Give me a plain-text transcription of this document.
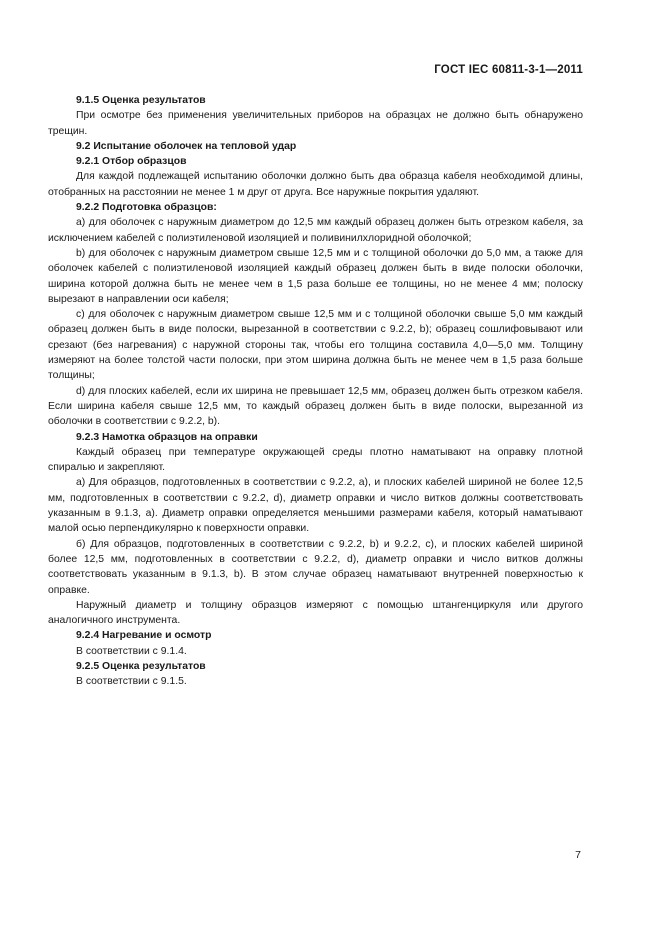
ГОСТ IEC 60811-3-1—2011

9.1.5 Оценка результатов

При осмотре без применения увеличительных приборов на образцах не должно быть обнаружено трещин.

9.2 Испытание оболочек на тепловой удар

9.2.1 Отбор образцов

Для каждой подлежащей испытанию оболочки должно быть два образца кабеля необходимой длины, отобранных на расстоянии не менее 1 м друг от друга. Все наружные покрытия удаляют.

9.2.2 Подготовка образцов:

a) для оболочек с наружным диаметром до 12,5 мм каждый образец должен быть отрезком кабеля, за исключением кабелей с полиэтиленовой изоляцией и поливинилхлоридной оболочкой;

b) для оболочек с наружным диаметром свыше 12,5 мм и с толщиной оболочки до 5,0 мм, а также для оболочек кабелей с полиэтиленовой изоляцией каждый образец должен быть в виде полоски оболочки, ширина которой должна быть не менее чем в 1,5 раза больше ее толщины, но не менее 4 мм; полоску вырезают в направлении оси кабеля;

c) для оболочек с наружным диаметром свыше 12,5 мм и с толщиной оболочки свыше 5,0 мм каждый образец должен быть в виде полоски, вырезанной в соответствии с 9.2.2, b); образец сошлифовывают или срезают (без нагревания) с наружной стороны так, чтобы его толщина составила 4,0—5,0 мм. Толщину измеряют на более толстой части полоски, при этом ширина должна быть не менее чем в 1,5 раза больше толщины;

d) для плоских кабелей, если их ширина не превышает 12,5 мм, образец должен быть отрезком кабеля. Если ширина кабеля свыше 12,5 мм, то каждый образец должен быть в виде полоски, вырезанной из оболочки в соответствии с 9.2.2, b).

9.2.3 Намотка образцов на оправки

Каждый образец при температуре окружающей среды плотно наматывают на оправку плотной спиралью и закрепляют.

а) Для образцов, подготовленных в соответствии с 9.2.2, а), и плоских кабелей шириной не более 12,5 мм, подготовленных в соответствии с 9.2.2, d), диаметр оправки и число витков должны соответствовать указанным в 9.1.3, а). Диаметр оправки определяется меньшими размерами кабеля, который наматывают малой осью перпендикулярно к поверхности оправки.

б) Для образцов, подготовленных в соответствии с 9.2.2, b) и 9.2.2, с), и плоских кабелей шириной более 12,5 мм, подготовленных в соответствии с 9.2.2, d), диаметр оправки и число витков должны соответствовать указанным в 9.1.3, b). В этом случае образец наматывают внутренней поверхностью к оправке.

Наружный диаметр и толщину образцов измеряют с помощью штангенциркуля или другого аналогичного инструмента.

9.2.4 Нагревание и осмотр

В соответствии с 9.1.4.

9.2.5 Оценка результатов

В соответствии с 9.1.5.

7
